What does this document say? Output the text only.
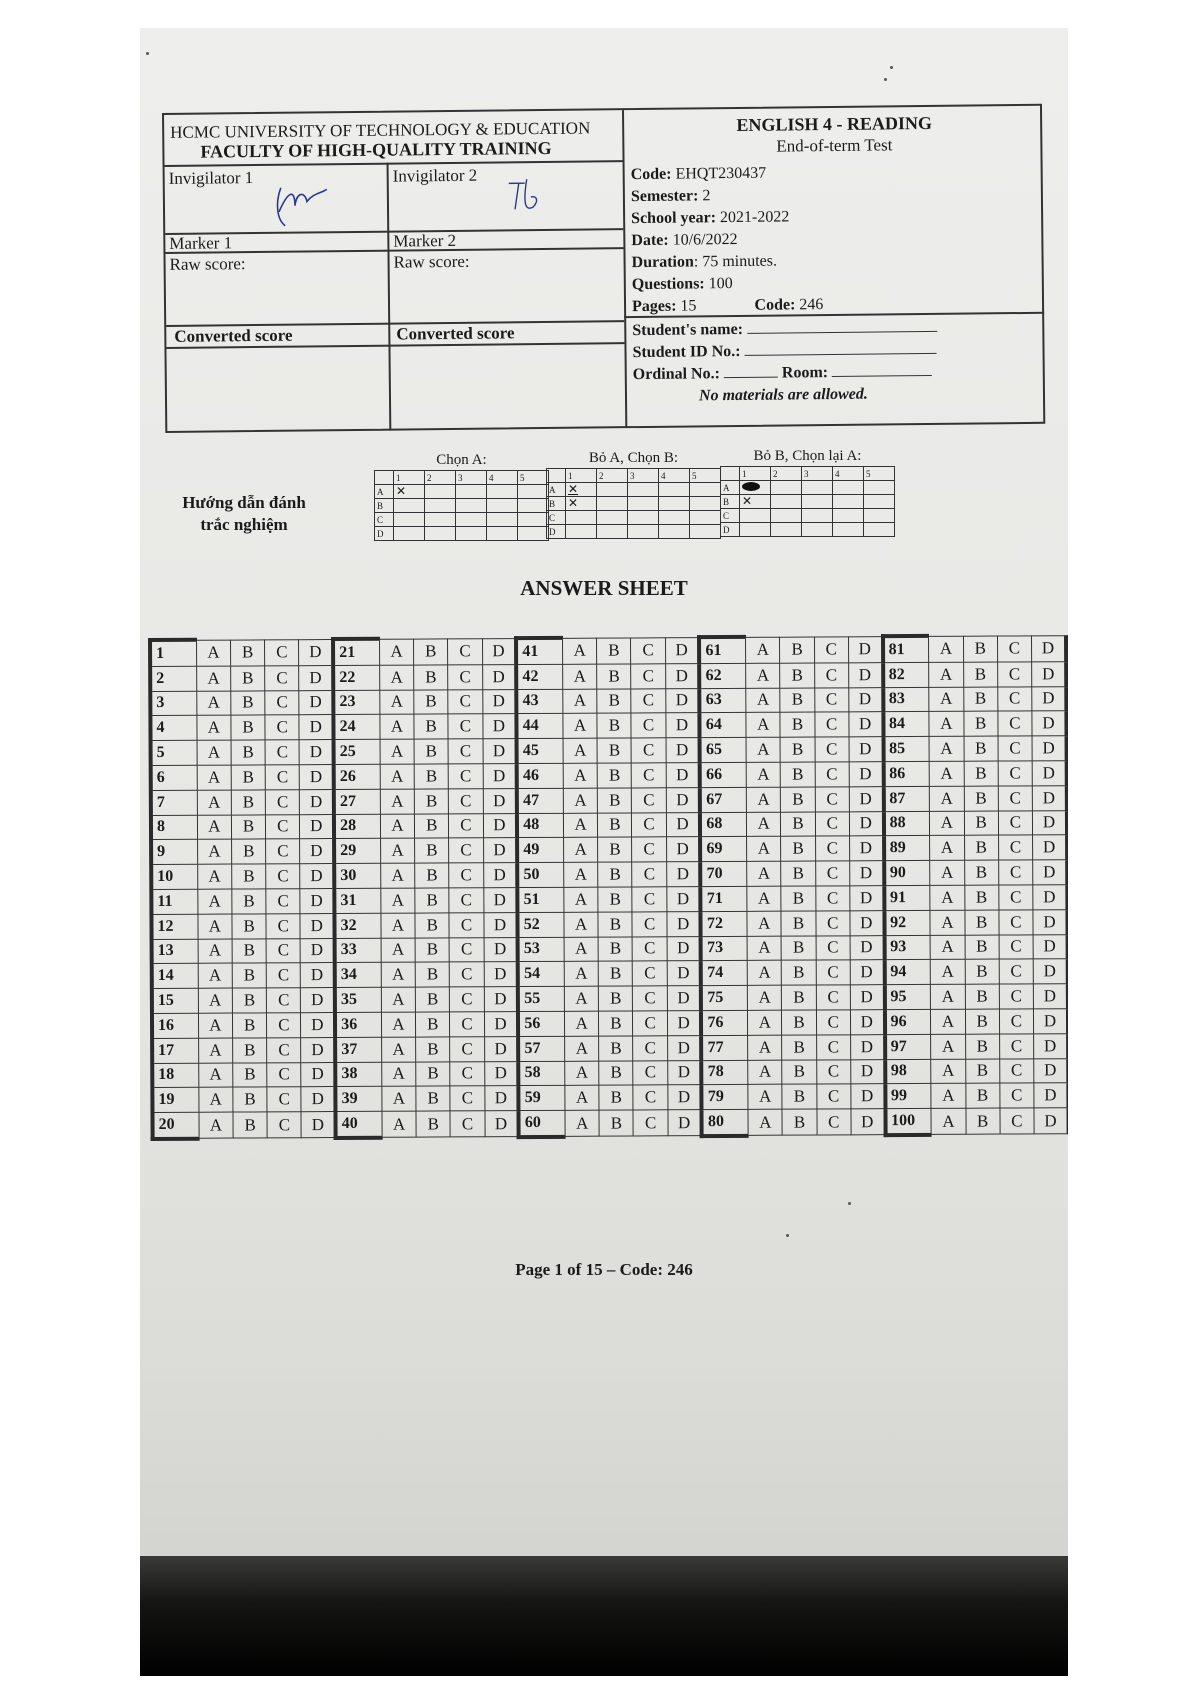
HCMC UNIVERSITY OF TECHNOLOGY & EDUCATION
FACULTY OF HIGH-QUALITY TRAINING
Invigilator 1	Invigilator 2
Marker 1	Marker 2
Raw score:	Raw score:
Converted score	Converted score
ENGLISH 4 - READING
End-of-term Test
Code: EHQT230437
Semester: 2
School year: 2021-2022
Date: 10/6/2022
Duration: 75 minutes.
Questions: 100
Pages: 15	Code: 246
Student's name:
Student ID No.:
Ordinal No.:	Room:
No materials are allowed.
Hướng dẫn đánh
trắc nghiệm
Chọn A:
	1	2	3	4	5
A	✕				
B					
C					
D					
Bỏ A, Chọn B:
	1	2	3	4	5
A	✕				
B	✕				
C					
D					
Bỏ B, Chọn lại A:
	1	2	3	4	5
A					
B	✕				
C					
D					
ANSWER SHEET
1	A	B	C	D	21	A	B	C	D	41	A	B	C	D	61	A	B	C	D	81	A	B	C	D
2	A	B	C	D	22	A	B	C	D	42	A	B	C	D	62	A	B	C	D	82	A	B	C	D
3	A	B	C	D	23	A	B	C	D	43	A	B	C	D	63	A	B	C	D	83	A	B	C	D
4	A	B	C	D	24	A	B	C	D	44	A	B	C	D	64	A	B	C	D	84	A	B	C	D
5	A	B	C	D	25	A	B	C	D	45	A	B	C	D	65	A	B	C	D	85	A	B	C	D
6	A	B	C	D	26	A	B	C	D	46	A	B	C	D	66	A	B	C	D	86	A	B	C	D
7	A	B	C	D	27	A	B	C	D	47	A	B	C	D	67	A	B	C	D	87	A	B	C	D
8	A	B	C	D	28	A	B	C	D	48	A	B	C	D	68	A	B	C	D	88	A	B	C	D
9	A	B	C	D	29	A	B	C	D	49	A	B	C	D	69	A	B	C	D	89	A	B	C	D
10	A	B	C	D	30	A	B	C	D	50	A	B	C	D	70	A	B	C	D	90	A	B	C	D
11	A	B	C	D	31	A	B	C	D	51	A	B	C	D	71	A	B	C	D	91	A	B	C	D
12	A	B	C	D	32	A	B	C	D	52	A	B	C	D	72	A	B	C	D	92	A	B	C	D
13	A	B	C	D	33	A	B	C	D	53	A	B	C	D	73	A	B	C	D	93	A	B	C	D
14	A	B	C	D	34	A	B	C	D	54	A	B	C	D	74	A	B	C	D	94	A	B	C	D
15	A	B	C	D	35	A	B	C	D	55	A	B	C	D	75	A	B	C	D	95	A	B	C	D
16	A	B	C	D	36	A	B	C	D	56	A	B	C	D	76	A	B	C	D	96	A	B	C	D
17	A	B	C	D	37	A	B	C	D	57	A	B	C	D	77	A	B	C	D	97	A	B	C	D
18	A	B	C	D	38	A	B	C	D	58	A	B	C	D	78	A	B	C	D	98	A	B	C	D
19	A	B	C	D	39	A	B	C	D	59	A	B	C	D	79	A	B	C	D	99	A	B	C	D
20	A	B	C	D	40	A	B	C	D	60	A	B	C	D	80	A	B	C	D	100	A	B	C	D
Page 1 of 15 – Code: 246
